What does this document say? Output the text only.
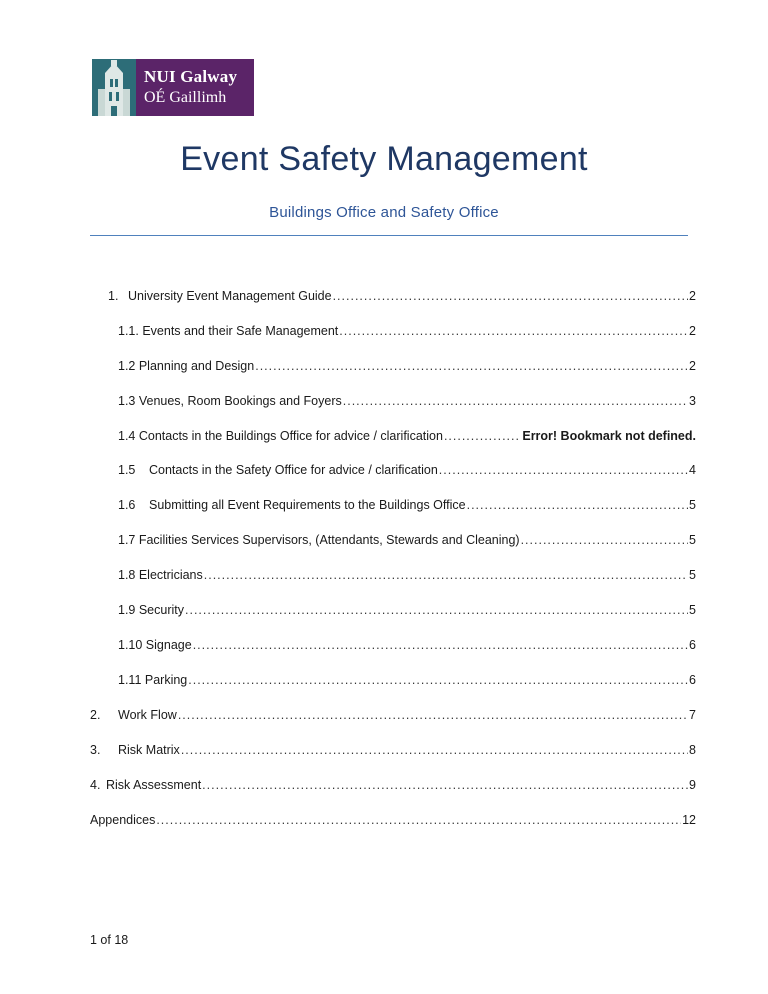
NUI Galway
OÉ Gaillimh
Event Safety Management
Buildings Office and Safety Office
1. University Event Management Guide .....	2
1.1. Events and their Safe Management .....	2
1.2 Planning and Design .....	2
1.3 Venues, Room Bookings and Foyers .....	3
1.4 Contacts in the Buildings Office for advice / clarification .....	Error! Bookmark not defined.
1.5	Contacts in the Safety Office for advice / clarification .....	4
1.6	Submitting all Event Requirements to the Buildings Office .....	5
1.7 Facilities Services Supervisors, (Attendants, Stewards and Cleaning) .....	5
1.8 Electricians .....	5
1.9 Security .....	5
1.10 Signage .....	6
1.11 Parking .....	6
2.	Work Flow .....	7
3.	Risk Matrix .....	8
4. Risk Assessment .....	9
Appendices .....	12
1 of 18
